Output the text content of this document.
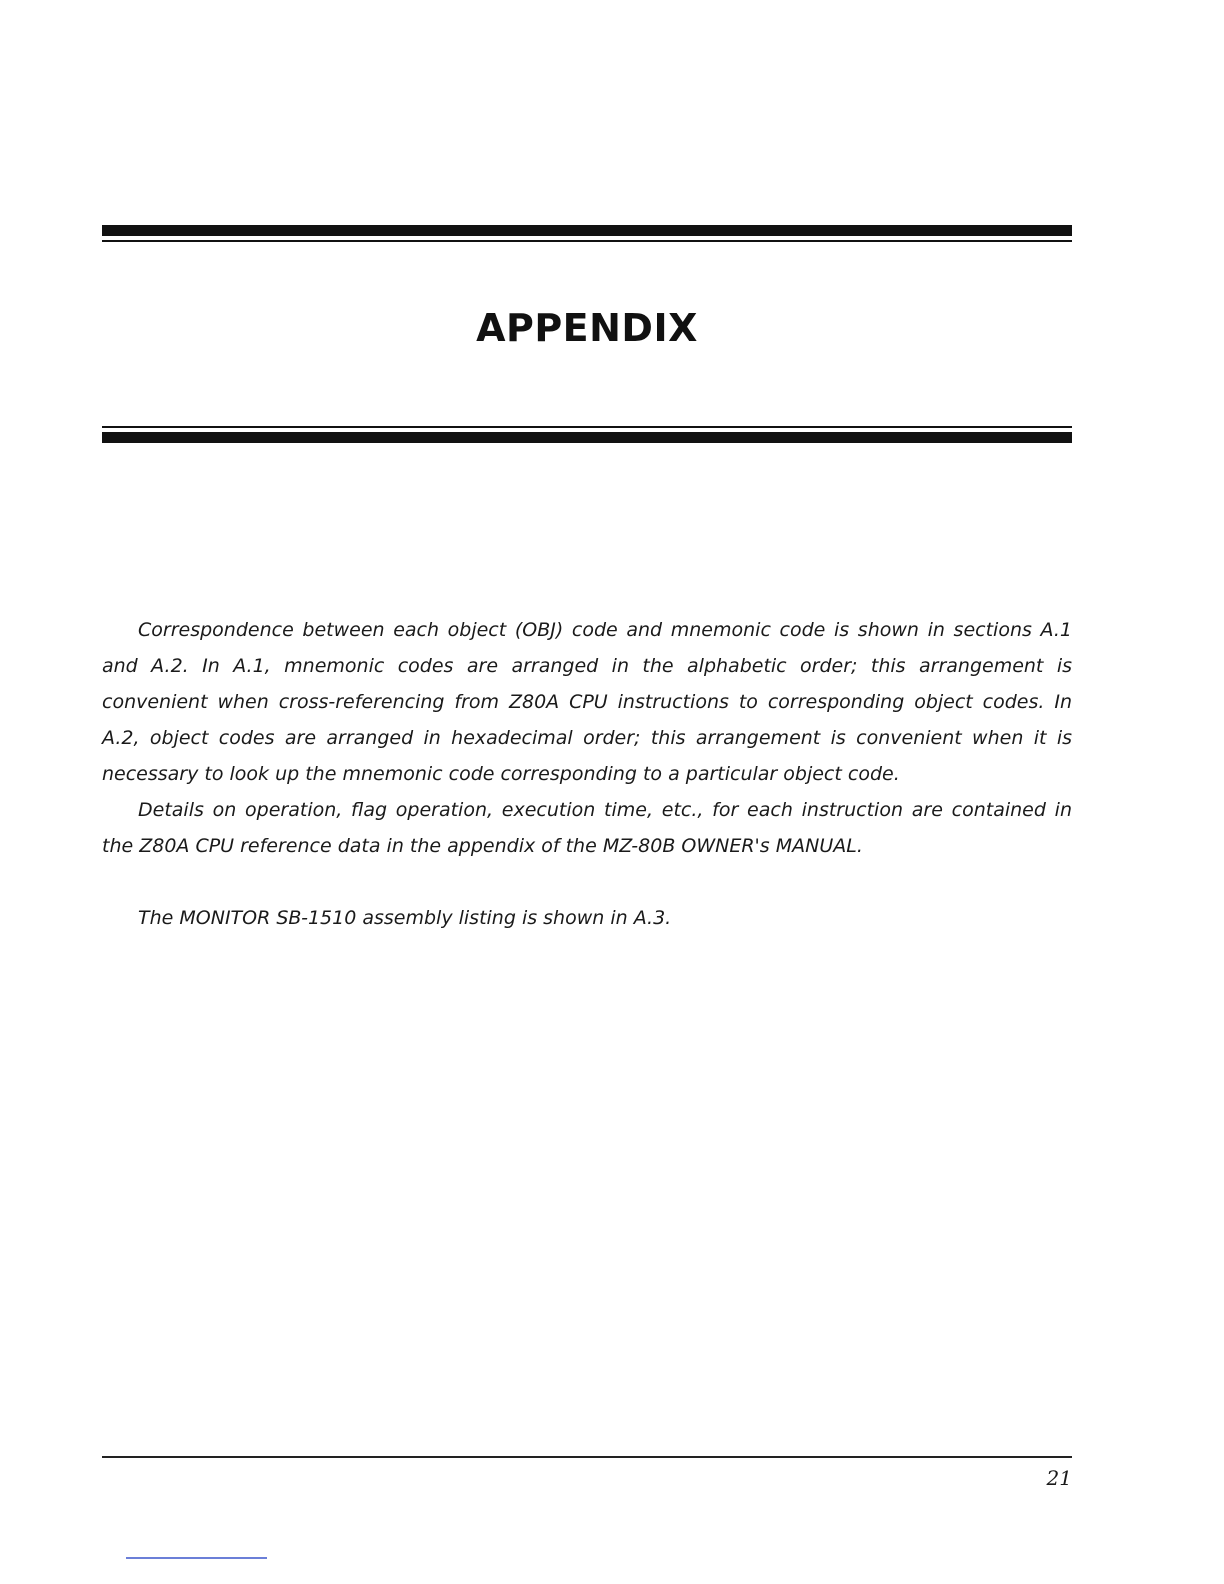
APPENDIX

Correspondence between each object (OBJ) code and mnemonic code is shown in sections A.1 and A.2. In A.1, mnemonic codes are arranged in the alphabetic order; this arrangement is convenient when cross-referencing from Z80A CPU instructions to corresponding object codes. In A.2, object codes are arranged in hexadecimal order; this arrangement is convenient when it is necessary to look up the mnemonic code corresponding to a particular object code.

Details on operation, flag operation, execution time, etc., for each instruction are contained in the Z80A CPU reference data in the appendix of the MZ-80B OWNER's MANUAL.

The MONITOR SB-1510 assembly listing is shown in A.3.

21
